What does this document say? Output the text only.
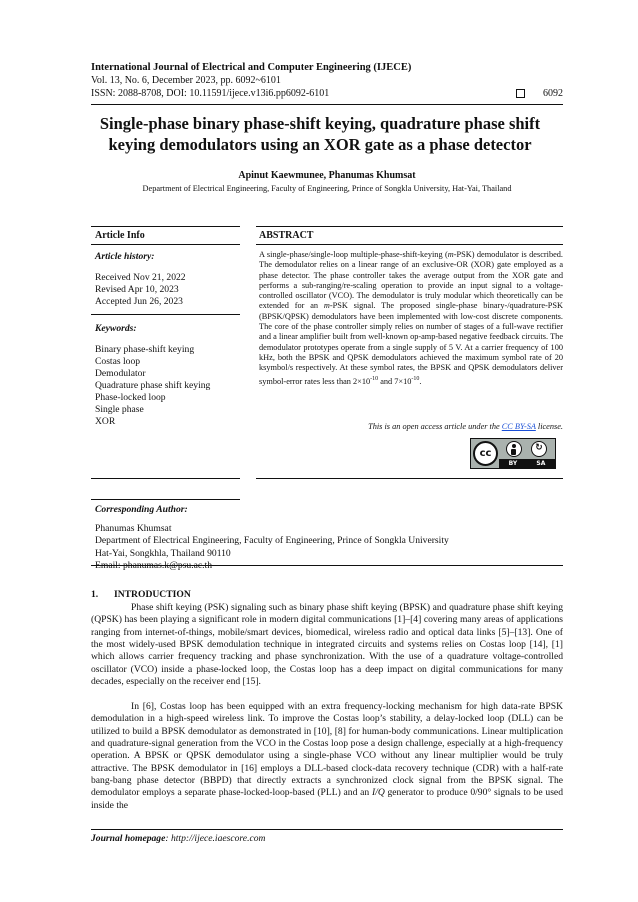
International Journal of Electrical and Computer Engineering (IJECE)
Vol. 13, No. 6, December 2023, pp. 6092~6101
ISSN: 2088-8708, DOI: 10.11591/ijece.v13i6.pp6092-6101	6092
Single-phase binary phase-shift keying, quadrature phase shift
keying demodulators using an XOR gate as a phase detector
Apinut Kaewmunee, Phanumas Khumsat
Department of Electrical Engineering, Faculty of Engineering, Prince of Songkla University, Hat-Yai, Thailand
Article Info	ABSTRACT
Article history:
Received Nov 21, 2022
Revised Apr 10, 2023
Accepted Jun 26, 2023
Keywords:
Binary phase-shift keying
Costas loop
Demodulator
Quadrature phase shift keying
Phase-locked loop
Single phase
XOR
A single-phase/single-loop multiple-phase-shift-keying (m-PSK) demodulator is described. The demodulator relies on a linear range of an exclusive-OR (XOR) gate employed as a phase detector. The phase controller takes the average output from the XOR gate and performs a sub-ranging/re-scaling operation to provide an input signal to a voltage-controlled oscillator (VCO). The demodulator is truly modular which theoretically can be extended for an m-PSK signal. The proposed single-phase binary-/quadrature-PSK (BPSK/QPSK) demodulators have been implemented with low-cost discrete components. The core of the phase controller simply relies on number of stages of a full-wave rectifier and a linear amplifier built from well-known op-amp-based negative feedback circuits. The demodulator prototypes operate from a single supply of 5 V. At a carrier frequency of 100 kHz, both the BPSK and QPSK demodulators achieved the maximum symbol rate of 20 ksymbol/s respectively. At these symbol rates, the BPSK and QPSK demodulators deliver symbol-error rates less than $2\times 10^{-10}$ and $7\times 10^{-10}$.
This is an open access article under the CC BY-SA license.
cc	↻
BY	SA
Corresponding Author:
Phanumas Khumsat
Department of Electrical Engineering, Faculty of Engineering, Prince of Songkla University
Hat-Yai, Songkhla, Thailand 90110
Email: phanumas.k@psu.ac.th
1. INTRODUCTION
Phase shift keying (PSK) signaling such as binary phase shift keying (BPSK) and quadrature phase shift keying (QPSK) has been playing a significant role in modern digital communications [1]–[4] covering many areas of applications ranging from internet-of-things, mobile/smart devices, biomedical, wireless radio and optical data links [5]–[13]. One of the most widely-used BPSK demodulation technique in integrated circuits and systems relies on Costas loop [14], [1] which allows carrier frequency tracking and phase synchronization. With the use of a quadrature voltage-controlled oscillator (VCO) inside a phase-locked loop, the Costas loop has a deep impact on digital communications for many decades, especially on the receiver end [15].
In [6], Costas loop has been equipped with an extra frequency-locking mechanism for high data-rate BPSK demodulation in a high-speed wireless link. To improve the Costas loop’s stability, a delay-locked loop (DLL) can be utilized to build a BPSK demodulator as demonstrated in [10], [8] for human-body communications. Linear multiplication and quadrature-signal generation from the VCO in the Costas loop pose a design challenge, especially at a high-frequency operation. A BPSK or QPSK demodulator using a single-phase VCO without any linear multiplier would be truly attractive. The BPSK demodulator in [16] employs a DLL-based clock-data recovery technique (CDR) with a half-rate bang-bang phase detector (BBPD) that directly extracts a synchronized clock signal from the BPSK signal. The demodulator employs a separate phase-locked-loop-based (PLL) and an I/Q generator to produce 0/90° signals to be used inside the
Journal homepage: http://ijece.iaescore.com
